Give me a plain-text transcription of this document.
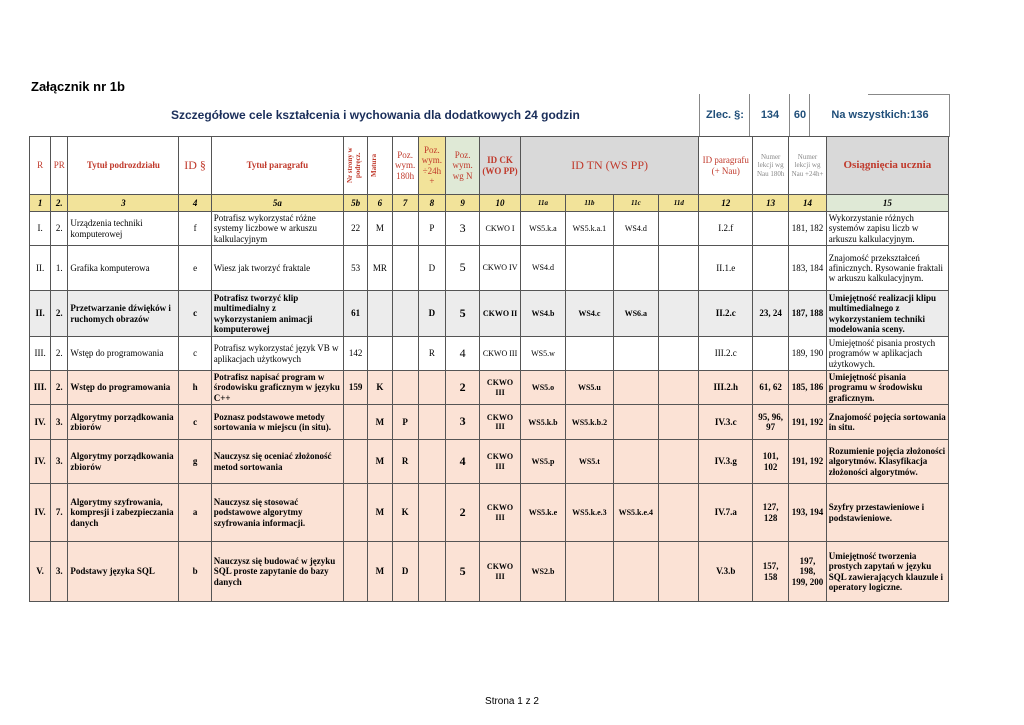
Załącznik nr 1b
Szczegółowe cele kształcenia i wychowania dla dodatkowych 24 godzin	Zlec. §:	134	60	Na wszystkich:136
R	PR	Tytuł podrozdziału	ID §	Tytuł paragrafu	Nr strony w podręcz.	Matura	Poz. wym. 180h	Poz. wym. ÷24h +	Poz. wym. wg N	ID CK (WO PP)	ID TN (WS PP)				ID paragrafu (+ Nau)	Numer lekcji wg Nau 180h	Numer lekcji wg Nau +24h+	Osiągnięcia ucznia
1	2.	3	4	5a	5b	6	7	8	9	10	11a	11b	11c	11d	12	13	14	15
I.	2.	Urządzenia techniki komputerowej	f	Potrafisz wykorzystać różne systemy liczbowe w arkuszu kalkulacyjnym	22	M		P	3	CKWO I	WS5.k.a	WS5.k.a.1	WS4.d		I.2.f		181, 182	Wykorzystanie różnych systemów zapisu liczb w arkuszu kalkulacyjnym.
II.	1.	Grafika komputerowa	e	Wiesz jak tworzyć fraktale	53	MR		D	5	CKWO IV	WS4.d				II.1.e		183, 184	Znajomość przekształceń afinicznych. Rysowanie fraktali w arkuszu kalkulacyjnym.
II.	2.	Przetwarzanie dźwięków i ruchomych obrazów	c	Potrafisz tworzyć klip multimedialny z wykorzystaniem animacji komputerowej	61			D	5	CKWO II	WS4.b	WS4.c	WS6.a		II.2.c	23, 24	187, 188	Umiejętność realizacji klipu multimedialnego z wykorzystaniem techniki modelowania sceny.
III.	2.	Wstęp do programowania	c	Potrafisz wykorzystać język VB w aplikacjach użytkowych	142			R	4	CKWO III	WS5.w				III.2.c		189, 190	Umiejętność pisania prostych programów w aplikacjach użytkowych.
III.	2.	Wstęp do programowania	h	Potrafisz napisać program w środowisku graficznym w języku C++	159	K			2	CKWO III	WS5.o	WS5.u			III.2.h	61, 62	185, 186	Umiejętność pisania programu w środowisku graficznym.
IV.	3.	Algorytmy porządkowania zbiorów	c	Poznasz podstawowe metody sortowania w miejscu (in situ).		M	P		3	CKWO III	WS5.k.b	WS5.k.b.2			IV.3.c	95, 96, 97	191, 192	Znajomość pojęcia sortowania in situ.
IV.	3.	Algorytmy porządkowania zbiorów	g	Nauczysz się oceniać złożoność metod sortowania		M	R		4	CKWO III	WS5.p	WS5.t			IV.3.g	101, 102	191, 192	Rozumienie pojęcia złożoności algorytmów. Klasyfikacja złożoności algorytmów.
IV.	7.	Algorytmy szyfrowania, kompresji i zabezpieczania danych	a	Nauczysz się stosować podstawowe algorytmy szyfrowania informacji.		M	K		2	CKWO III	WS5.k.e	WS5.k.e.3	WS5.k.e.4		IV.7.a	127, 128	193, 194	Szyfry przestawieniowe i podstawieniowe.
V.	3.	Podstawy języka SQL	b	Nauczysz się budować w języku SQL proste zapytanie do bazy danych		M	D		5	CKWO III	WS2.b				V.3.b	157, 158	197, 198, 199, 200	Umiejętność tworzenia prostych zapytań w języku SQL zawierających klauzule i operatory logiczne.
Strona 1 z 2
